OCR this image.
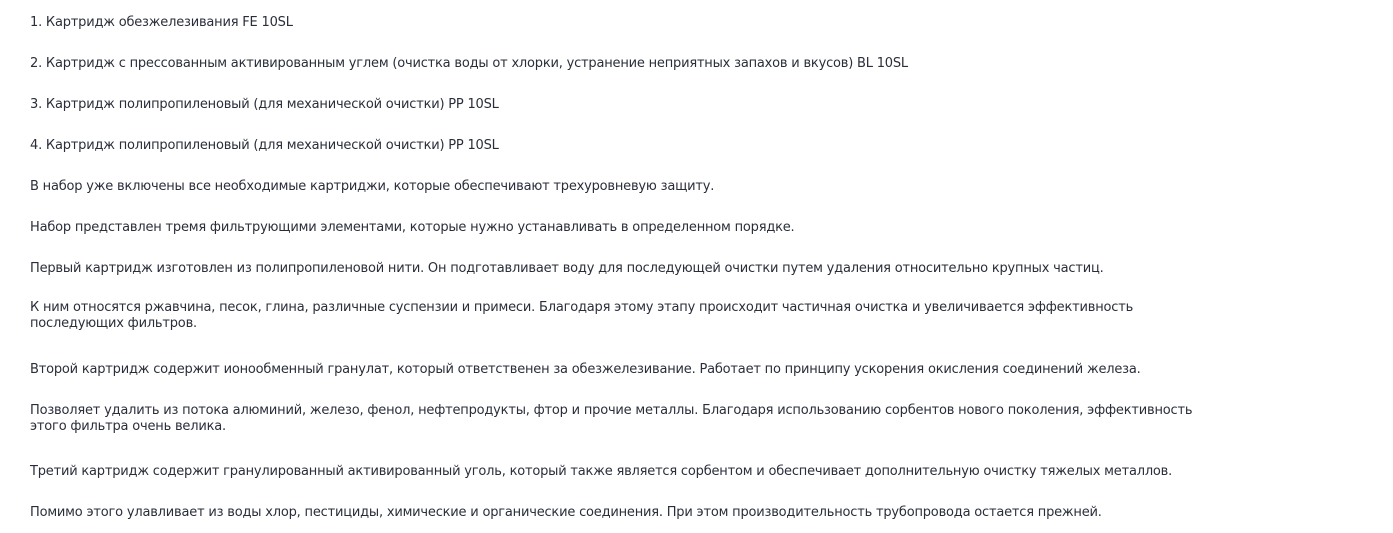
1. Картридж обезжелезивания FE 10SL

2. Картридж с прессованным активированным углем (очистка воды от хлорки, устранение неприятных запахов и вкусов) BL 10SL

3. Картридж полипропиленовый (для механической очистки) PP 10SL

4. Картридж полипропиленовый (для механической очистки) PP 10SL

В набор уже включены все необходимые картриджи, которые обеспечивают трехуровневую защиту.

Набор представлен тремя фильтрующими элементами, которые нужно устанавливать в определенном порядке.

Первый картридж изготовлен из полипропиленовой нити. Он подготавливает воду для последующей очистки путем удаления относительно крупных частиц.

К ним относятся ржавчина, песок, глина, различные суспензии и примеси. Благодаря этому этапу происходит частичная очистка и увеличивается эффективность последующих фильтров.

Второй картридж содержит ионообменный гранулат, который ответственен за обезжелезивание. Работает по принципу ускорения окисления соединений железа.

Позволяет удалить из потока алюминий, железо, фенол, нефтепродукты, фтор и прочие металлы. Благодаря использованию сорбентов нового поколения, эффективность этого фильтра очень велика.

Третий картридж содержит гранулированный активированный уголь, который также является сорбентом и обеспечивает дополнительную очистку тяжелых металлов.

Помимо этого улавливает из воды хлор, пестициды, химические и органические соединения. При этом производительность трубопровода остается прежней.
